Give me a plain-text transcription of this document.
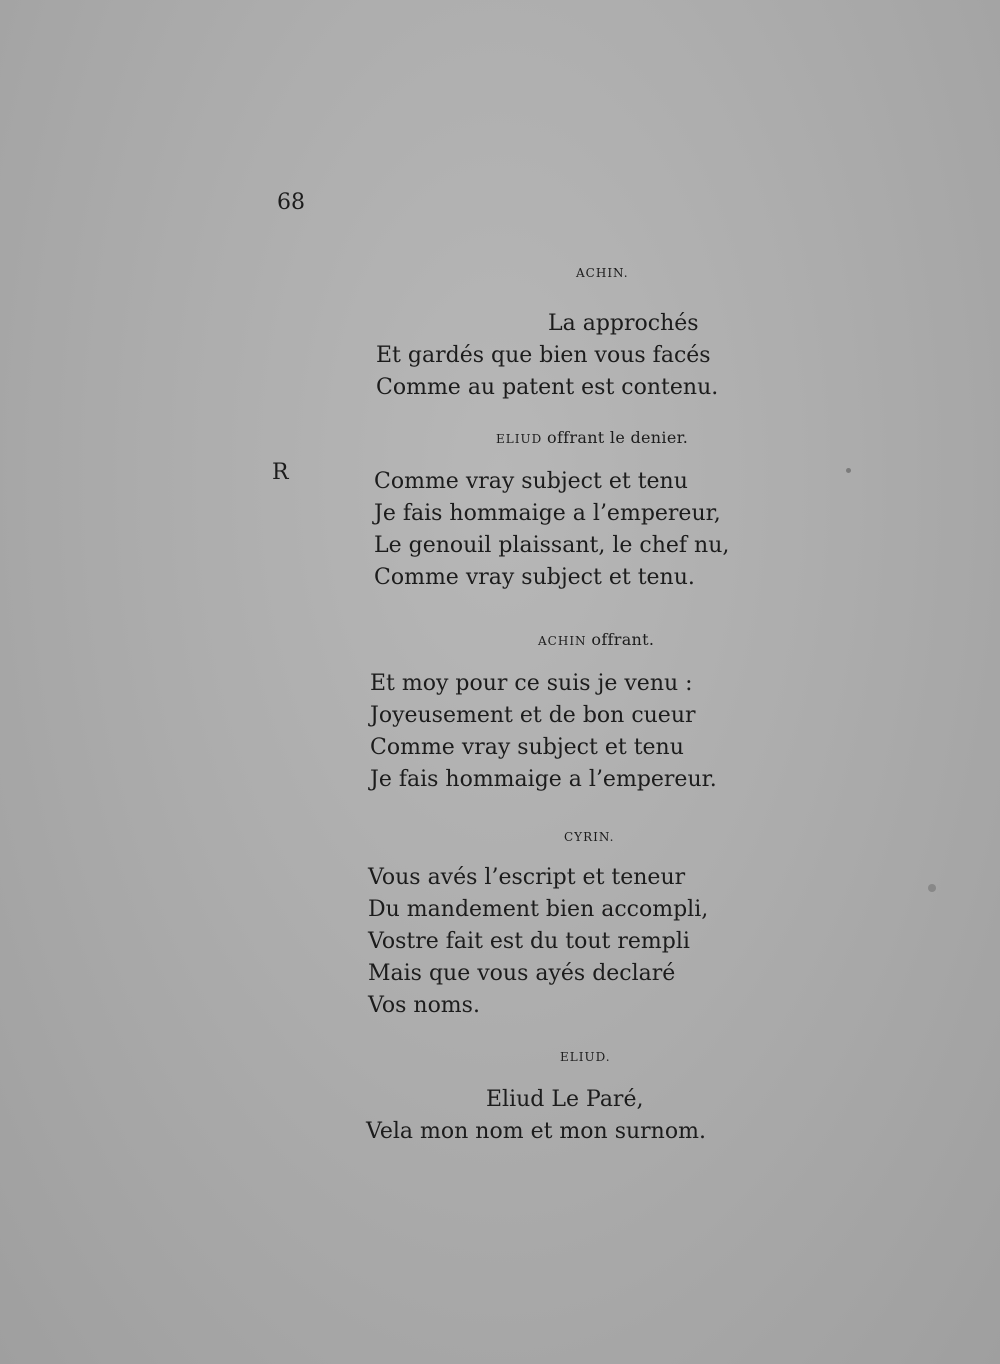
68
R
ACHIN.
La approchés
Et gardés que bien vous facés
Comme au patent est contenu.
ELIUD offrant le denier.
Comme vray subject et tenu
Je fais hommaige a l’empereur,
Le genouil plaissant, le chef nu,
Comme vray subject et tenu.
ACHIN offrant.
Et moy pour ce suis je venu :
Joyeusement et de bon cueur
Comme vray subject et tenu
Je fais hommaige a l’empereur.
CYRIN.
Vous avés l’escript et teneur
Du mandement bien accompli,
Vostre fait est du tout rempli
Mais que vous ayés declaré
Vos noms.
ELIUD.
Eliud Le Paré,
Vela mon nom et mon surnom.
